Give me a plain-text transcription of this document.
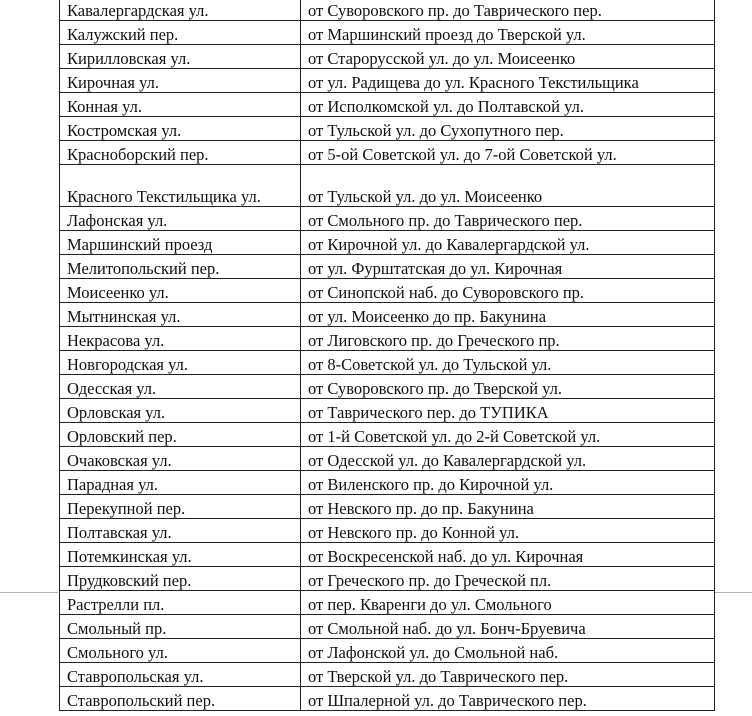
Кавалергардская ул.	от Суворовского пр. до Таврического пер.
Калужский пер.	от Маршинский проезд до Тверской ул.
Кирилловская ул.	от Старорусской ул. до ул. Моисеенко
Кирочная ул.	от ул. Радищева до ул. Красного Текстильщика
Конная ул.	от Исполкомской ул. до Полтавской ул.
Костромская ул.	от Тульской ул. до Сухопутного пер.
Красноборский пер.	от 5-ой Советской ул. до 7-ой Советской ул.
Красного Текстильщика ул.	от Тульской ул. до ул. Моисеенко
Лафонская ул.	от Смольного пр. до Таврического пер.
Маршинский проезд	от Кирочной ул. до Кавалергардской ул.
Мелитопольский пер.	от ул. Фурштатская до ул. Кирочная
Моисеенко ул.	от Синопской наб. до Суворовского пр.
Мытнинская ул.	от ул. Моисеенко до пр. Бакунина
Некрасова ул.	от Лиговского пр. до Греческого пр.
Новгородская ул.	от 8-Советской ул. до Тульской ул.
Одесская ул.	от Суворовского пр. до Тверской ул.
Орловская ул.	от Таврического пер. до ТУПИКА
Орловский пер.	от 1-й Советской ул. до 2-й Советской ул.
Очаковская ул.	от Одесской ул. до Кавалергардской ул.
Парадная ул.	от Виленского пр. до Кирочной ул.
Перекупной пер.	от Невского пр. до пр. Бакунина
Полтавская ул.	от Невского пр. до Конной ул.
Потемкинская ул.	от Воскресенской наб. до ул. Кирочная
Прудковский пер.	от Греческого пр. до Греческой пл.
Растрелли пл.	от пер. Кваренги до ул. Смольного
Смольный пр.	от Смольной наб. до ул. Бонч-Бруевича
Смольного ул.	от Лафонской ул. до Смольной наб.
Ставропольская ул.	от Тверской ул. до Таврического пер.
Ставропольский пер.	от Шпалерной ул. до Таврического пер.
